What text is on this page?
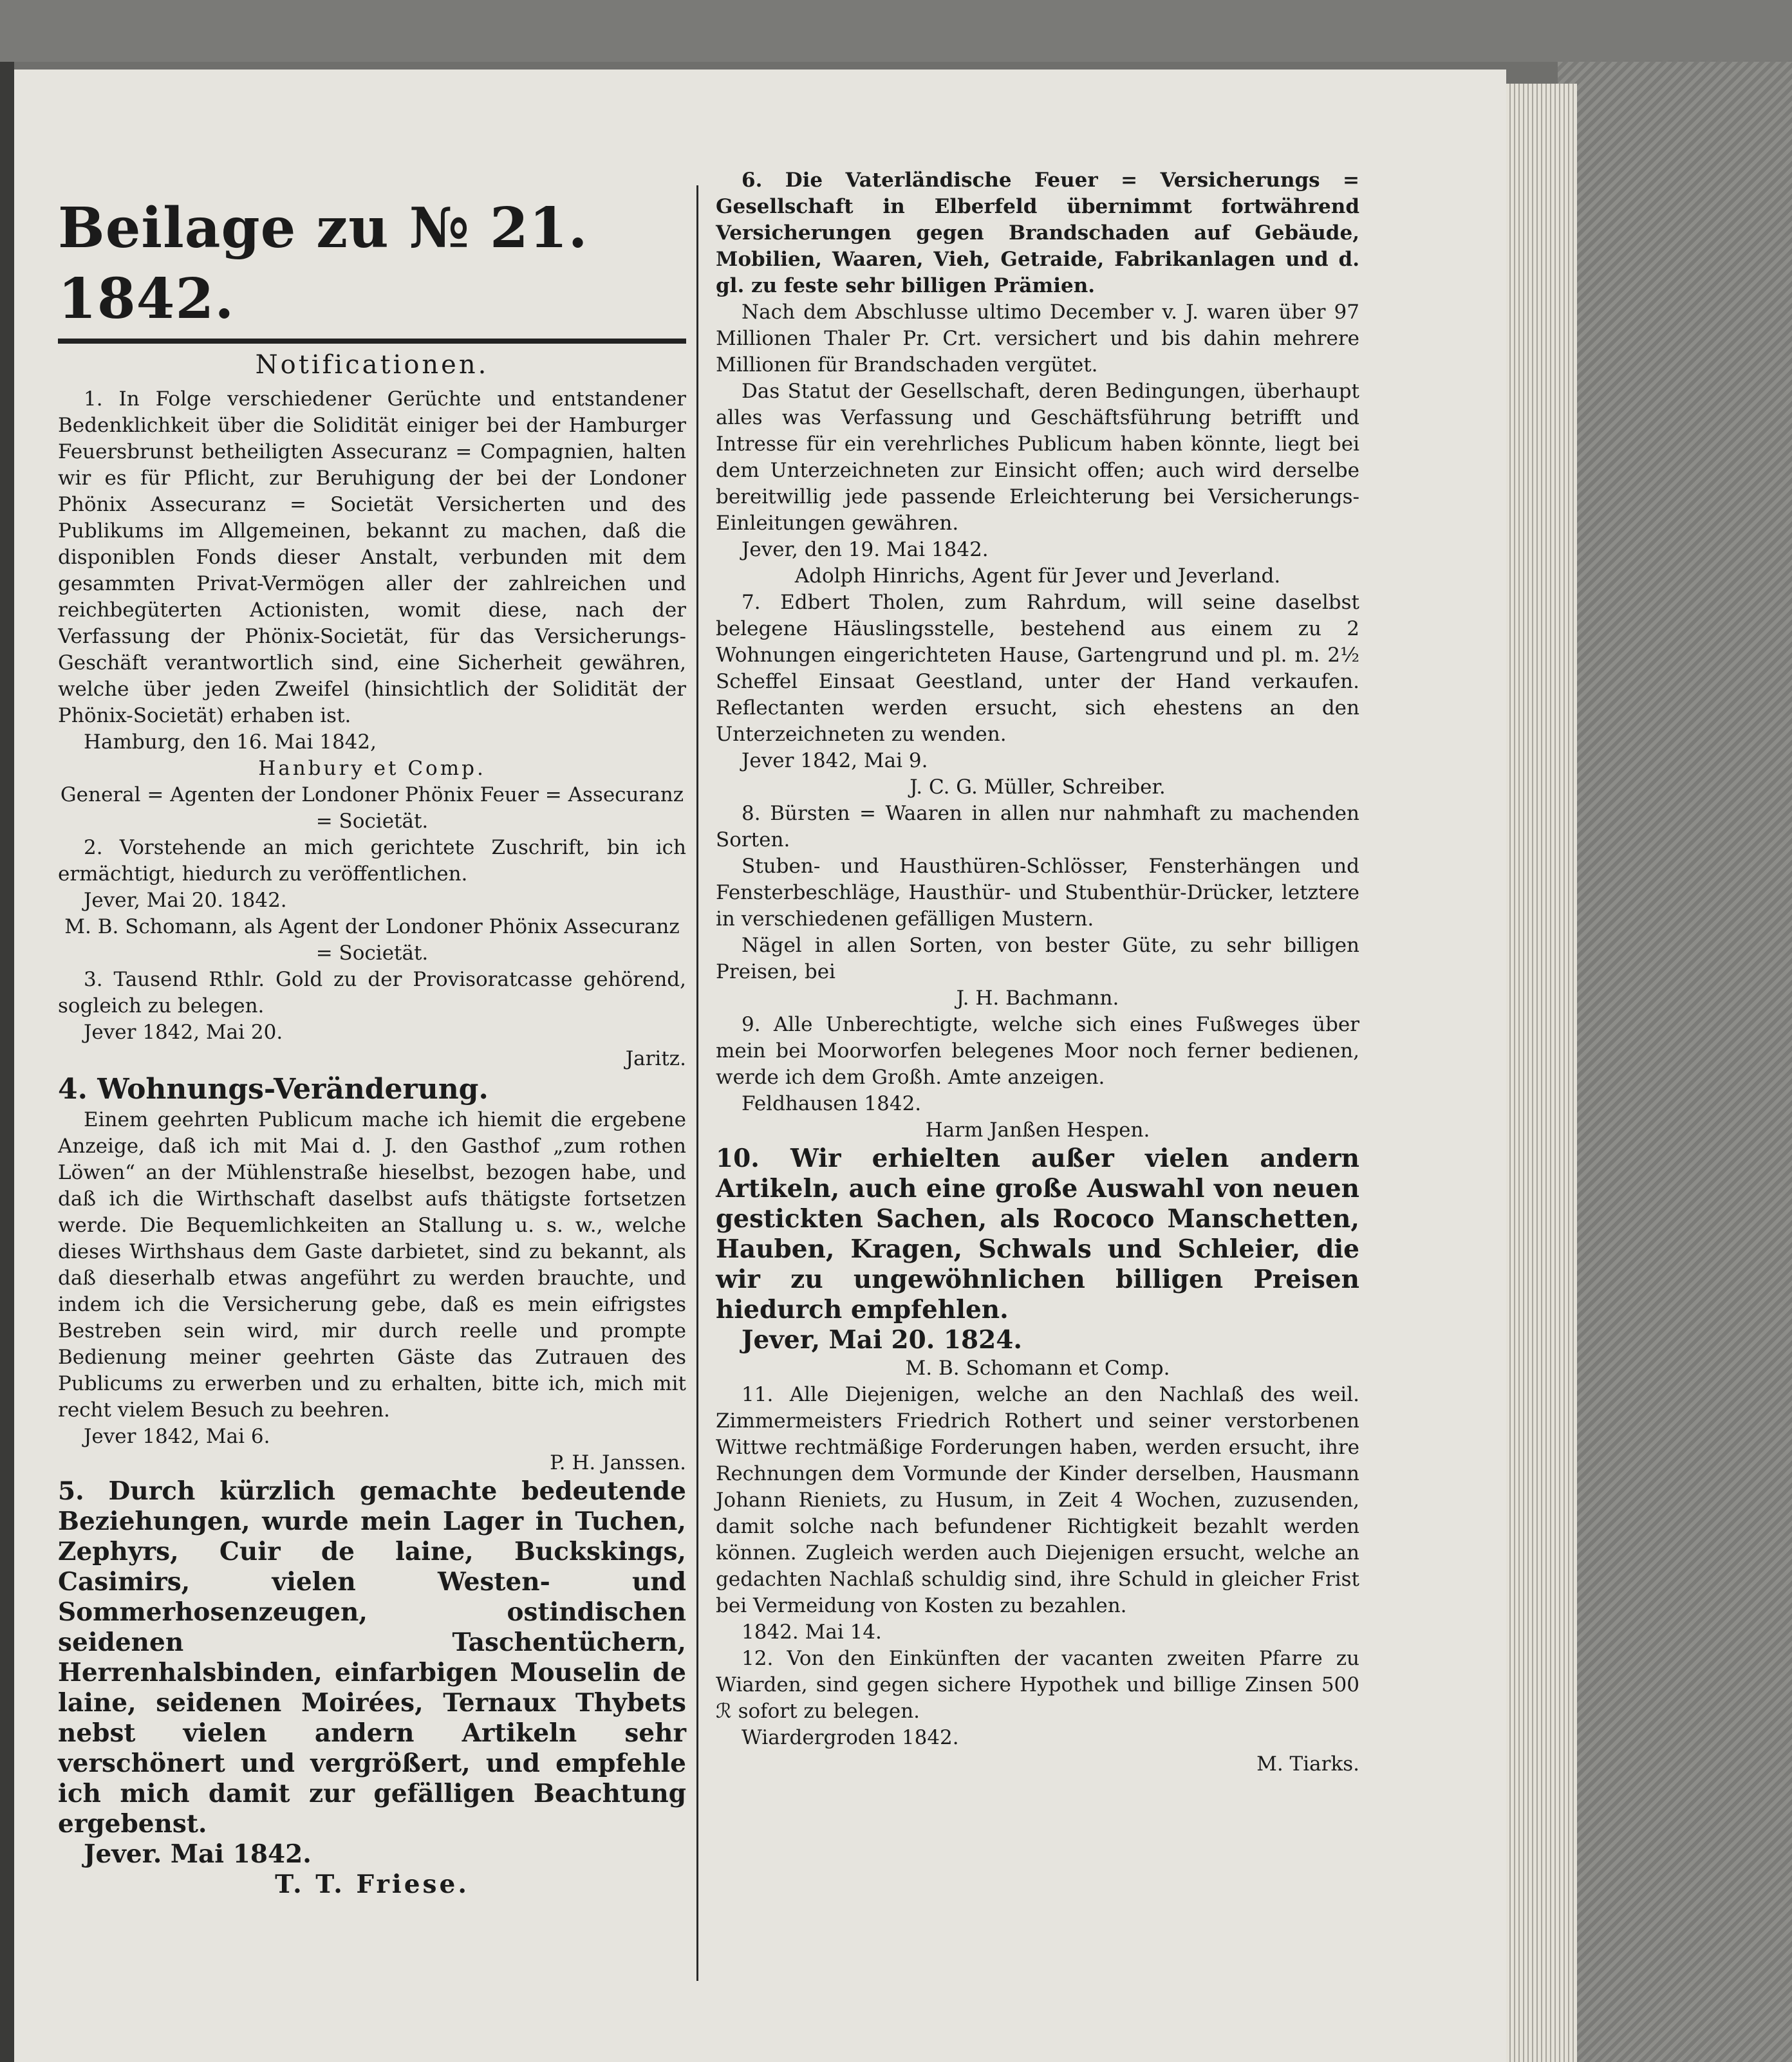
Beilage zu № 21. 1842.
Notificationen.

1. In Folge verschiedener Gerüchte und entstandener Bedenklichkeit über die Solidität einiger bei der Hamburger Feuersbrunst betheiligten Assecuranz = Compagnien, halten wir es für Pflicht, zur Beruhigung der bei der Londoner Phönix Assecuranz = Societät Versicherten und des Publikums im Allgemeinen, bekannt zu machen, daß die disponiblen Fonds dieser Anstalt, verbunden mit dem gesammten Privat-Vermögen aller der zahlreichen und reichbegüterten Actionisten, womit diese, nach der Verfassung der Phönix-Societät, für das Versicherungs-Geschäft verantwortlich sind, eine Sicherheit gewähren, welche über jeden Zweifel (hinsichtlich der Solidität der Phönix-Societät) erhaben ist.

Hamburg, den 16. Mai 1842,

Hanbury et Comp.

General = Agenten der Londoner Phönix Feuer = Assecuranz = Societät.

2. Vorstehende an mich gerichtete Zuschrift, bin ich ermächtigt, hiedurch zu veröffentlichen.

Jever, Mai 20. 1842.

M. B. Schomann, als Agent der Londoner Phönix Assecuranz = Societät.

3. Tausend Rthlr. Gold zu der Provisoratcasse gehörend, sogleich zu belegen.

Jever 1842, Mai 20.

Jaritz.

4. Wohnungs-Veränderung.

Einem geehrten Publicum mache ich hiemit die ergebene Anzeige, daß ich mit Mai d. J. den Gasthof „zum rothen Löwen“ an der Mühlenstraße hieselbst, bezogen habe, und daß ich die Wirthschaft daselbst aufs thätigste fortsetzen werde. Die Bequemlichkeiten an Stallung u. s. w., welche dieses Wirthshaus dem Gaste darbietet, sind zu bekannt, als daß dieserhalb etwas angeführt zu werden brauchte, und indem ich die Versicherung gebe, daß es mein eifrigstes Bestreben sein wird, mir durch reelle und prompte Bedienung meiner geehrten Gäste das Zutrauen des Publicums zu erwerben und zu erhalten, bitte ich, mich mit recht vielem Besuch zu beehren.

Jever 1842, Mai 6.

P. H. Janssen.

5. Durch kürzlich gemachte bedeutende Beziehungen, wurde mein Lager in Tuchen, Zephyrs, Cuir de laine, Buckskings, Casimirs, vielen Westen- und Sommerhosenzeugen, ostindischen seidenen Taschentüchern, Herrenhalsbinden, einfarbigen Mouselin de laine, seidenen Moirées, Ternaux Thybets nebst vielen andern Artikeln sehr verschönert und vergrößert, und empfehle ich mich damit zur gefälligen Beachtung ergebenst.

Jever. Mai 1842.

T. T. Friese.

6. Die Vaterländische Feuer = Versicherungs = Gesellschaft in Elberfeld übernimmt fortwährend Versicherungen gegen Brandschaden auf Gebäude, Mobilien, Waaren, Vieh, Getraide, Fabrikanlagen und d. gl. zu feste sehr billigen Prämien.

Nach dem Abschlusse ultimo December v. J. waren über 97 Millionen Thaler Pr. Crt. versichert und bis dahin mehrere Millionen für Brandschaden vergütet.

Das Statut der Gesellschaft, deren Bedingungen, überhaupt alles was Verfassung und Geschäftsführung betrifft und Intresse für ein verehrliches Publicum haben könnte, liegt bei dem Unterzeichneten zur Einsicht offen; auch wird derselbe bereitwillig jede passende Erleichterung bei Versicherungs-Einleitungen gewähren.

Jever, den 19. Mai 1842.

Adolph Hinrichs, Agent für Jever und Jeverland.

7. Edbert Tholen, zum Rahrdum, will seine daselbst belegene Häuslingsstelle, bestehend aus einem zu 2 Wohnungen eingerichteten Hause, Gartengrund und pl. m. 2½ Scheffel Einsaat Geestland, unter der Hand verkaufen. Reflectanten werden ersucht, sich ehestens an den Unterzeichneten zu wenden.

Jever 1842, Mai 9.

J. C. G. Müller, Schreiber.

8. Bürsten = Waaren in allen nur nahmhaft zu machenden Sorten.

Stuben- und Hausthüren-Schlösser, Fensterhängen und Fensterbeschläge, Hausthür- und Stubenthür-Drücker, letztere in verschiedenen gefälligen Mustern.

Nägel in allen Sorten, von bester Güte, zu sehr billigen Preisen, bei

J. H. Bachmann.

9. Alle Unberechtigte, welche sich eines Fußweges über mein bei Moorworfen belegenes Moor noch ferner bedienen, werde ich dem Großh. Amte anzeigen.

Feldhausen 1842.

Harm Janßen Hespen.

10. Wir erhielten außer vielen andern Artikeln, auch eine große Auswahl von neuen gestickten Sachen, als Rococo Manschetten, Hauben, Kragen, Schwals und Schleier, die wir zu ungewöhnlichen billigen Preisen hiedurch empfehlen.

Jever, Mai 20. 1824.

M. B. Schomann et Comp.

11. Alle Diejenigen, welche an den Nachlaß des weil. Zimmermeisters Friedrich Rothert und seiner verstorbenen Wittwe rechtmäßige Forderungen haben, werden ersucht, ihre Rechnungen dem Vormunde der Kinder derselben, Hausmann Johann Rieniets, zu Husum, in Zeit 4 Wochen, zuzusenden, damit solche nach befundener Richtigkeit bezahlt werden können. Zugleich werden auch Diejenigen ersucht, welche an gedachten Nachlaß schuldig sind, ihre Schuld in gleicher Frist bei Vermeidung von Kosten zu bezahlen.

1842. Mai 14.

12. Von den Einkünften der vacanten zweiten Pfarre zu Wiarden, sind gegen sichere Hypothek und billige Zinsen 500 ℛ sofort zu belegen.

Wiardergroden 1842.

M. Tiarks.
